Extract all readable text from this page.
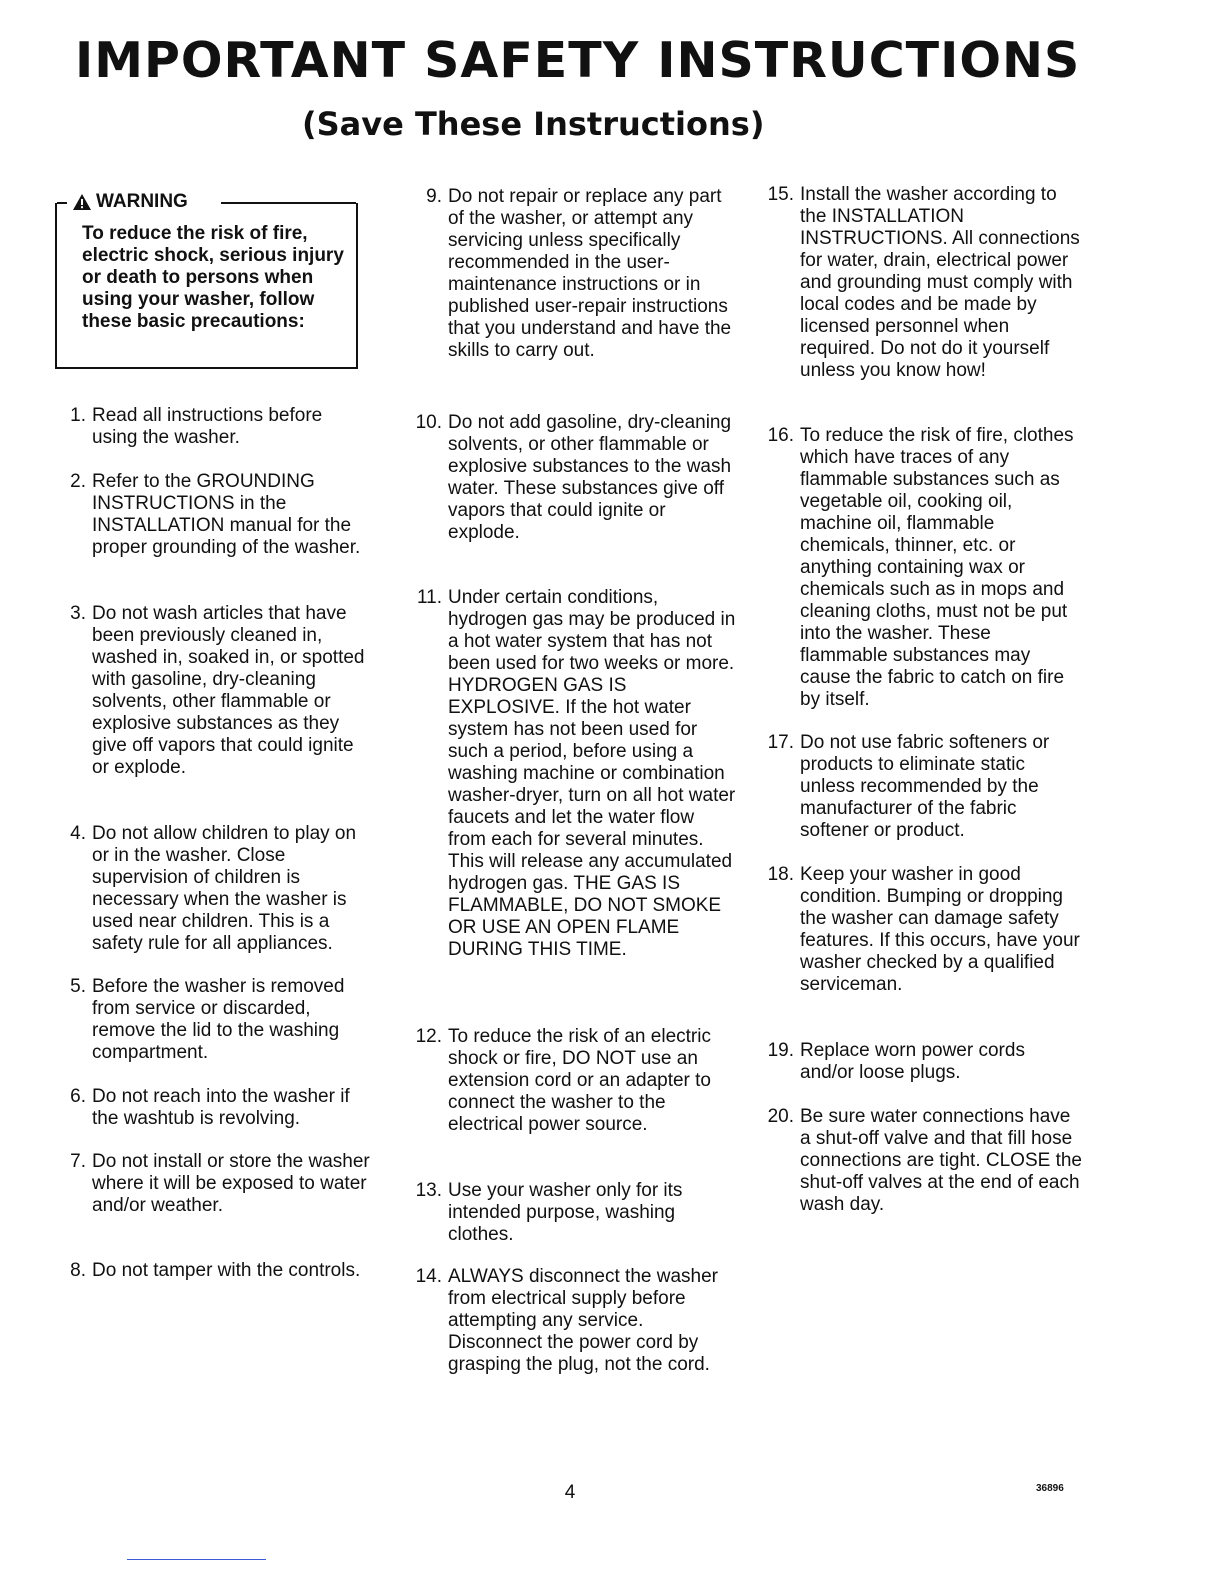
IMPORTANT SAFETY INSTRUCTIONS
(Save These Instructions)
WARNING

To reduce the risk of fire, electric shock, serious injury or death to persons when using your washer, follow these basic precautions:

1. Read all instructions before using the washer.
2. Refer to the GROUNDING INSTRUCTIONS in the INSTALLATION manual for the proper grounding of the washer.
3. Do not wash articles that have been previously cleaned in, washed in, soaked in, or spotted with gasoline, dry-cleaning solvents, other flammable or explosive substances as they give off vapors that could ignite or explode.
4. Do not allow children to play on or in the washer. Close supervision of children is necessary when the washer is used near children. This is a safety rule for all appliances.
5. Before the washer is removed from service or discarded, remove the lid to the washing compartment.
6. Do not reach into the washer if the washtub is revolving.
7. Do not install or store the washer where it will be exposed to water and/or weather.
8. Do not tamper with the controls.
9. Do not repair or replace any part of the washer, or attempt any servicing unless specifically recommended in the user-maintenance instructions or in published user-repair instructions that you understand and have the skills to carry out.
10. Do not add gasoline, dry-cleaning solvents, or other flammable or explosive substances to the wash water. These substances give off vapors that could ignite or explode.
11. Under certain conditions, hydrogen gas may be produced in a hot water system that has not been used for two weeks or more. HYDROGEN GAS IS EXPLOSIVE. If the hot water system has not been used for such a period, before using a washing machine or combination washer-dryer, turn on all hot water faucets and let the water flow from each for several minutes. This will release any accumulated hydrogen gas. THE GAS IS FLAMMABLE, DO NOT SMOKE OR USE AN OPEN FLAME DURING THIS TIME.
12. To reduce the risk of an electric shock or fire, DO NOT use an extension cord or an adapter to connect the washer to the electrical power source.
13. Use your washer only for its intended purpose, washing clothes.
14. ALWAYS disconnect the washer from electrical supply before attempting any service. Disconnect the power cord by grasping the plug, not the cord.
15. Install the washer according to the INSTALLATION INSTRUCTIONS. All connections for water, drain, electrical power and grounding must comply with local codes and be made by licensed personnel when required. Do not do it yourself unless you know how!
16. To reduce the risk of fire, clothes which have traces of any flammable substances such as vegetable oil, cooking oil, machine oil, flammable chemicals, thinner, etc. or anything containing wax or chemicals such as in mops and cleaning cloths, must not be put into the washer. These flammable substances may cause the fabric to catch on fire by itself.
17. Do not use fabric softeners or products to eliminate static unless recommended by the manufacturer of the fabric softener or product.
18. Keep your washer in good condition. Bumping or dropping the washer can damage safety features. If this occurs, have your washer checked by a qualified serviceman.
19. Replace worn power cords and/or loose plugs.
20. Be sure water connections have a shut-off valve and that fill hose connections are tight. CLOSE the shut-off valves at the end of each wash day.
4	36896
